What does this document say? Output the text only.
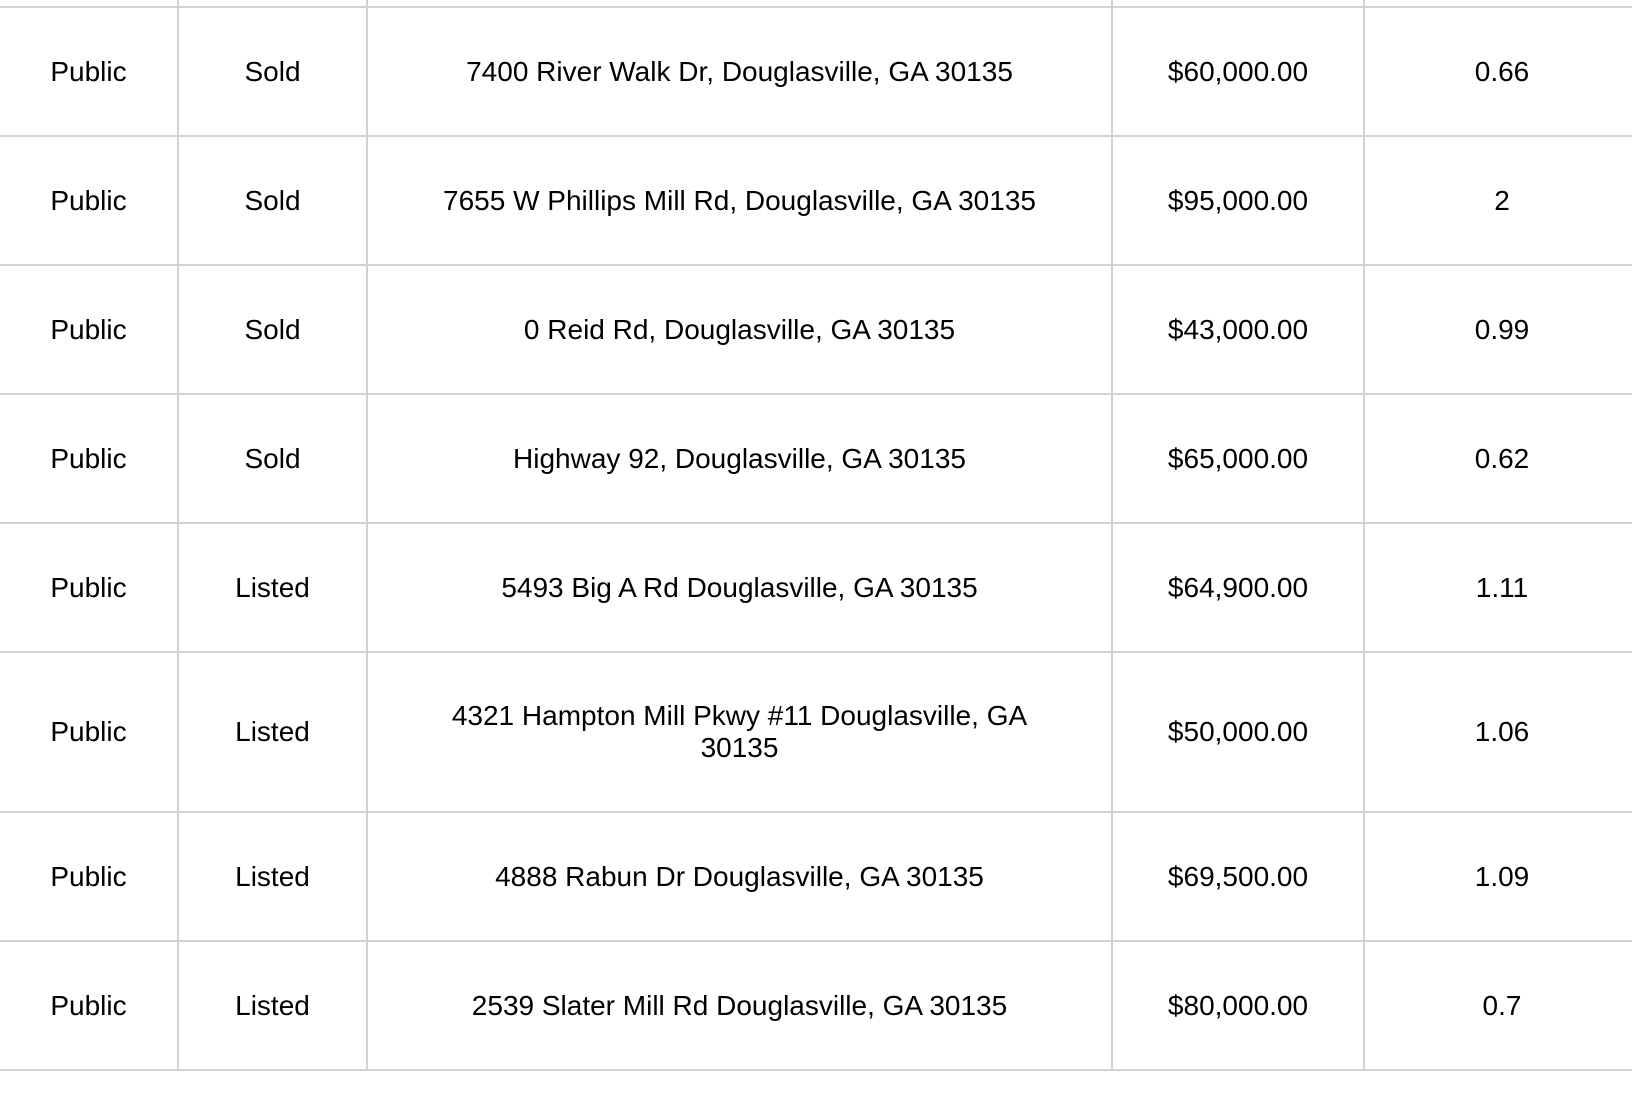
Public	Sold	7400 River Walk Dr, Douglasville, GA 30135	$60,000.00	0.66
Public	Sold	7655 W Phillips Mill Rd, Douglasville, GA 30135	$95,000.00	2
Public	Sold	0 Reid Rd, Douglasville, GA 30135	$43,000.00	0.99
Public	Sold	Highway 92, Douglasville, GA 30135	$65,000.00	0.62
Public	Listed	5493 Big A Rd Douglasville, GA 30135	$64,900.00	1.11
Public	Listed	4321 Hampton Mill Pkwy #11 Douglasville, GA 30135	$50,000.00	1.06
Public	Listed	4888 Rabun Dr Douglasville, GA 30135	$69,500.00	1.09
Public	Listed	2539 Slater Mill Rd Douglasville, GA 30135	$80,000.00	0.7
